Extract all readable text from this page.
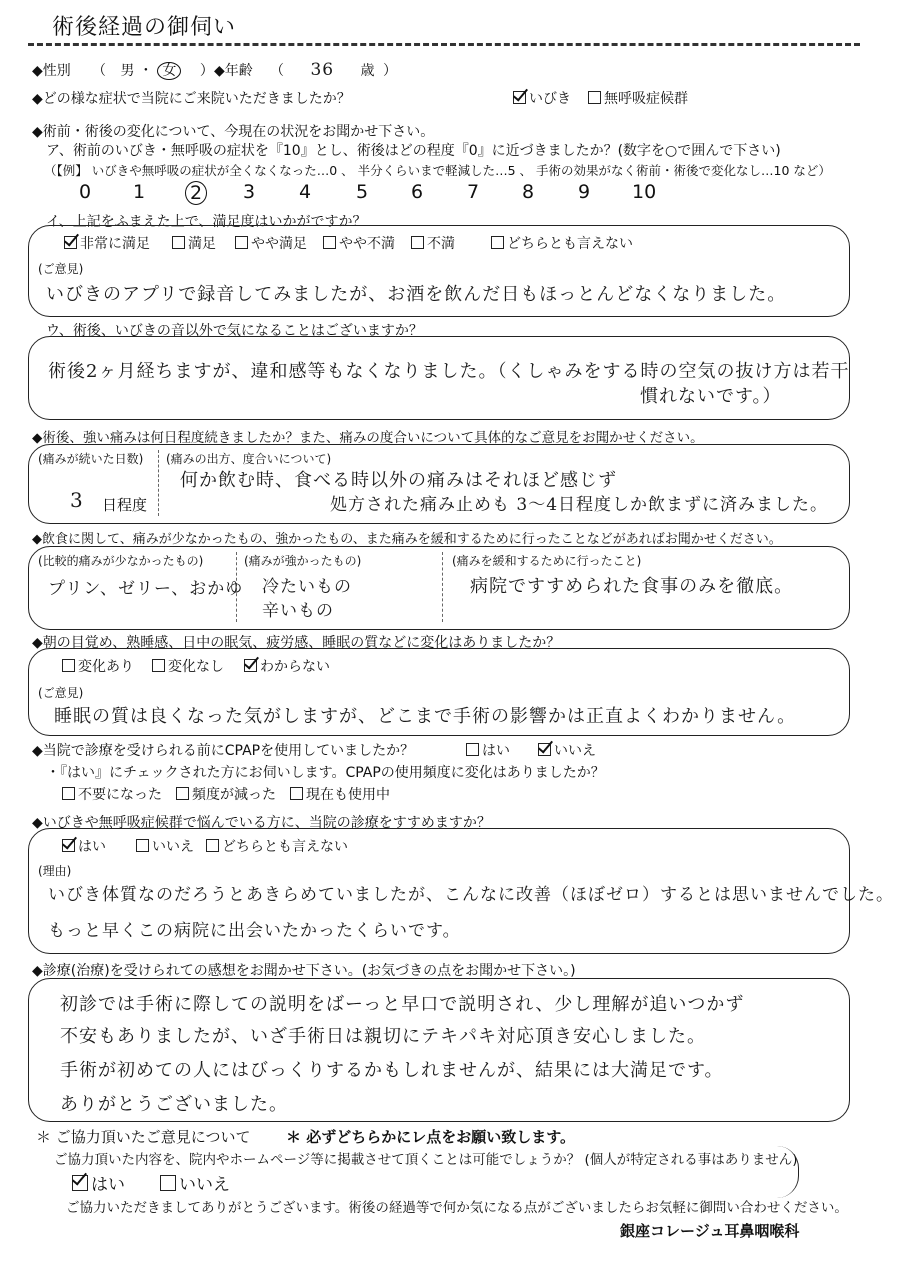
術後経過の御伺い
◆性別 （ 男 ・ 女 ） ◆年齢 （ 36 歳 ）
◆どの様な症状で当院にご来院いただきましたか？	いびき	無呼吸症候群
◆術前・術後の変化について、今現在の状況をお聞かせ下さい。
ア、術前のいびき・無呼吸の症状を『10』とし、術後はどの程度『0』に近づきましたか？(数字を○で囲んで下さい)
（【例】 いびきや無呼吸の症状が全くなくなった…0 、 半分くらいまで軽減した…5 、 手術の効果がなく術前・術後で変化なし…10 など）
0 1 2 3 4 5 6 7 8 9 10
イ、上記をふまえた上で、満足度はいかがですか？
非常に満足	満足	やや満足	やや不満	不満	どちらとも言えない
(ご意見)
いびきのアプリで録音してみましたが、お酒を飲んだ日もほっとんどなくなりました。
ウ、術後、いびきの音以外で気になることはございますか？
術後2ヶ月経ちますが、違和感等もなくなりました。（くしゃみをする時の空気の抜け方は若干
慣れないです。）
◆術後、強い痛みは何日程度続きましたか？また、痛みの度合いについて具体的なご意見をお聞かせください。
(痛みが続いた日数)
3 日程度
(痛みの出方、度合いについて)
何か飲む時、食べる時以外の痛みはそれほど感じず
処方された痛み止めも 3～4日程度しか飲まずに済みました。
◆飲食に関して、痛みが少なかったもの、強かったもの、また痛みを緩和するために行ったことなどがあればお聞かせください。
(比較的痛みが少なかったもの)
プリン、ゼリー、おかゆ
(痛みが強かったもの)
冷たいもの
辛いもの
(痛みを緩和するために行ったこと)
病院ですすめられた食事のみを徹底。
◆朝の目覚め、熟睡感、日中の眠気、疲労感、睡眠の質などに変化はありましたか？
変化あり	変化なし	わからない
(ご意見)
睡眠の質は良くなった気がしますが、どこまで手術の影響かは正直よくわかりません。
◆当院で診療を受けられる前にCPAPを使用していましたか？	はい	いいえ
・『はい』にチェックされた方にお伺いします。CPAPの使用頻度に変化はありましたか？
不要になった	頻度が減った	現在も使用中
◆いびきや無呼吸症候群で悩んでいる方に、当院の診療をすすめますか？
はい	いいえ	どちらとも言えない
(理由)
いびき体質なのだろうとあきらめていましたが、こんなに改善（ほぼゼロ）するとは思いませんでした。
もっと早くこの病院に出会いたかったくらいです。
◆診療(治療)を受けられての感想をお聞かせ下さい。(お気づきの点をお聞かせ下さい。)
初診では手術に際しての説明をばーっと早口で説明され、少し理解が追いつかず
不安もありましたが、いざ手術日は親切にテキパキ対応頂き安心しました。
手術が初めての人にはびっくりするかもしれませんが、結果には大満足です。
ありがとうございました。
＊ ご協力頂いたご意見について ＊ 必ずどちらかにレ点をお願い致します。
ご協力頂いた内容を、院内やホームページ等に掲載させて頂くことは可能でしょうか？ (個人が特定される事はありません)
はい	いいえ
ご協力いただきましてありがとうございます。術後の経過等で何か気になる点がございましたらお気軽に御問い合わせください。
銀座コレージュ耳鼻咽喉科
